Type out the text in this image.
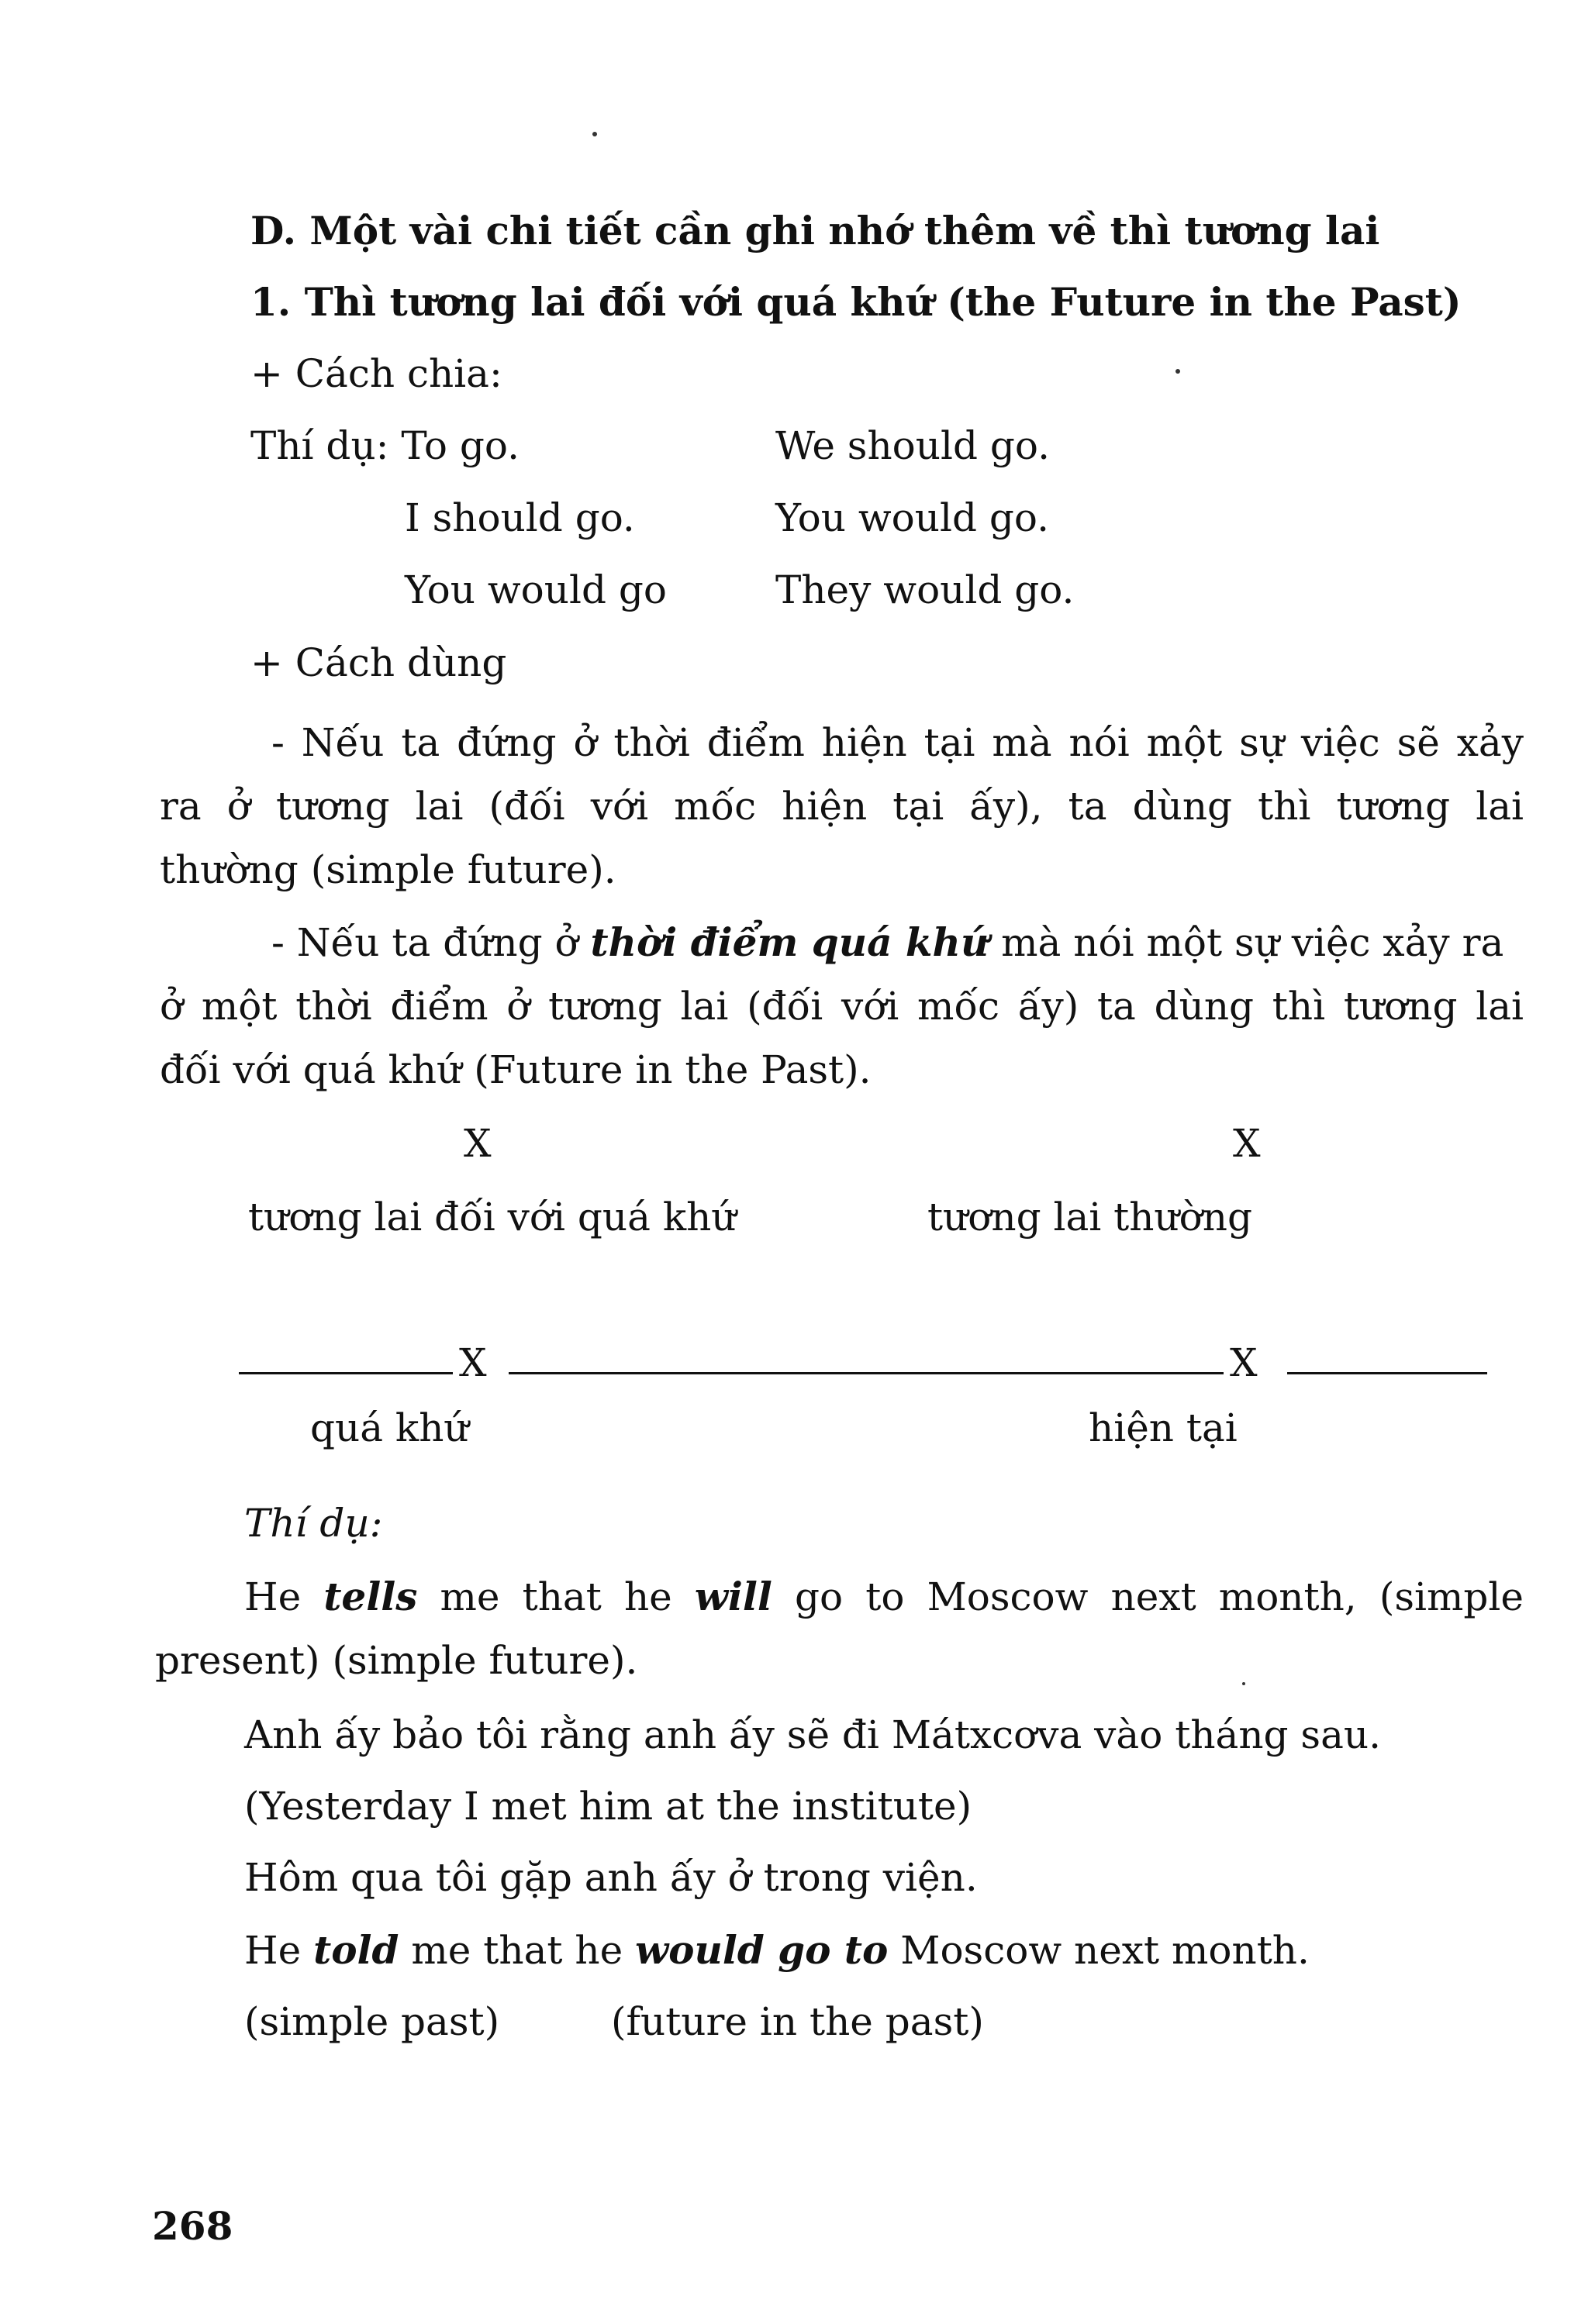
D. Một vài chi tiết cần ghi nhớ thêm về thì tương lai
1. Thì tương lai đối với quá khứ (the Future in the Past)
+ Cách chia:
Thí dụ: To go.	We should go.
I should go.	You would go.
You would go	They would go.
+ Cách dùng
- Nếu ta đứng ở thời điểm hiện tại mà nói một sự việc sẽ xảy
ra ở tương lai (đối với mốc hiện tại ấy), ta dùng thì tương lai
thường (simple future).
- Nếu ta đứng ở thời điểm quá khứ mà nói một sự việc xảy ra
ở một thời điểm ở tương lai (đối với mốc ấy) ta dùng thì tương lai
đối với quá khứ (Future in the Past).
X	X
tương lai đối với quá khứ	tương lai thường
X	X
quá khứ	hiện tại
Thí dụ:
He tells me that he will go to Moscow next month, (simple
present) (simple future).
Anh ấy bảo tôi rằng anh ấy sẽ đi Mátxcơva vào tháng sau.
(Yesterday I met him at the institute)
Hôm qua tôi gặp anh ấy ở trong viện.
He told me that he would go to Moscow next month.
(simple past)	(future in the past)
268
